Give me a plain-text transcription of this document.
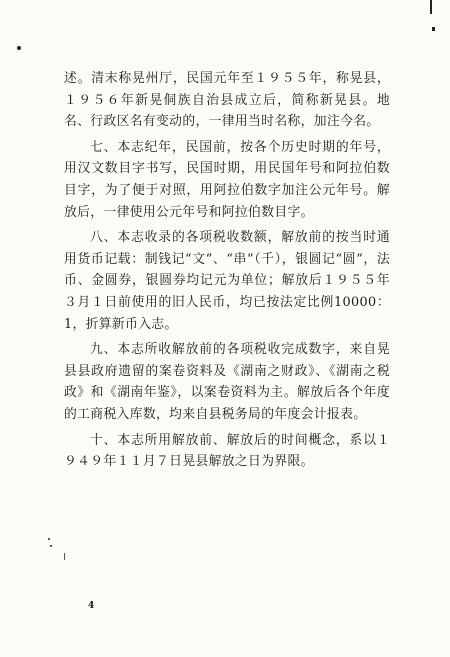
述。清末称晃州厅，民国元年至１９５５年，称晃县，１９５６年新晃侗族自治县成立后，简称新晃县。地名、行政区名有变动的，一律用当时名称，加注今名。

七、本志纪年，民国前，按各个历史时期的年号，用汉文数目字书写，民国时期，用民国年号和阿拉伯数目字，为了便于对照，用阿拉伯数字加注公元年号。解放后，一律使用公元年号和阿拉伯数目字。

八、本志收录的各项税收数额，解放前的按当时通用货币记载：制钱记“文”、“串”（千），银圆记“圆”，法币、金圆券，银圆券均记元为单位；解放后１９５５年３月１日前使用的旧人民币，均已按法定比例10000：1，折算新币入志。

九、本志所收解放前的各项税收完成数字，来自晃县县政府遗留的案卷资料及《湖南之财政》、《湖南之税政》和《湖南年鉴》，以案卷资料为主。解放后各个年度的工商税入库数，均来自县税务局的年度会计报表。

十、本志所用解放前、解放后的时间概念，系以１９４９年１１月７日晃县解放之日为界限。

4
